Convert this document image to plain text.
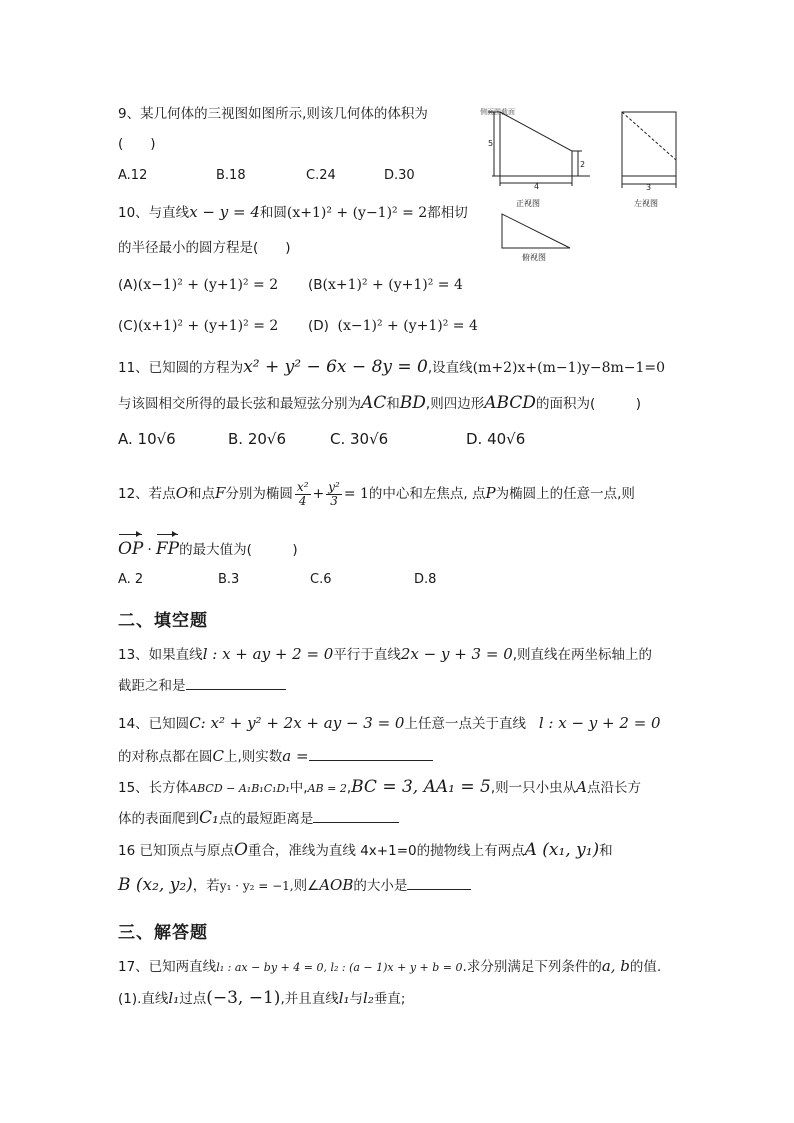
9、某几何体的三视图如图所示,则该几何体的体积为
(　　)
A.12	B.18	C.24	D.30
侧面图截面
5
2
4
正视图
3
左视图
俯视图
10、与直线x − y = 4和圆(x+1)² + (y−1)² = 2都相切
的半径最小的圆方程是(　　)
(A)(x−1)² + (y+1)² = 2 (B(x+1)² + (y+1)² = 4
(C)(x+1)² + (y+1)² = 2 (D) (x−1)² + (y+1)² = 4
11、已知圆的方程为x² + y² − 6x − 8y = 0,设直线(m+2)x+(m−1)y−8m−1=0
与该圆相交所得的最长弦和最短弦分别为AC和BD,则四边形ABCD的面积为(　　　)
A. 10√6	B. 20√6	C. 30√6	D. 40√6
12、若点O和点F分别为椭圆 $\frac{\text{x²}}{4} + \frac{\text{y²}}{3} = 1$的中心和左焦点, 点P为椭圆上的任意一点,则
OP · FP的最大值为(　　　)
A. 2	B.3	C.6	D.8
二、填空题
13、如果直线l : x + ay + 2 = 0平行于直线2x − y + 3 = 0,则直线在两坐标轴上的
截距之和是
14、已知圆C: x² + y² + 2x + ay − 3 = 0上任意一点关于直线 l : x − y + 2 = 0
的对称点都在圆C上,则实数a =
15、长方体ABCD − A₁B₁C₁D₁中,AB = 2,BC = 3, AA₁ = 5,则一只小虫从A点沿长方
体的表面爬到C₁点的最短距离是
16 已知顶点与原点O重合，准线为直线 4x+1=0的抛物线上有两点A (x₁, y₁)和
B (x₂, y₂)，若y₁ · y₂ = −1,则∠AOB的大小是
三、解答题
17、已知两直线l₁ : ax − by + 4 = 0, l₂ : (a − 1)x + y + b = 0.求分别满足下列条件的a, b的值.
(1).直线l₁过点(−3, −1),并且直线l₁与l₂垂直;
